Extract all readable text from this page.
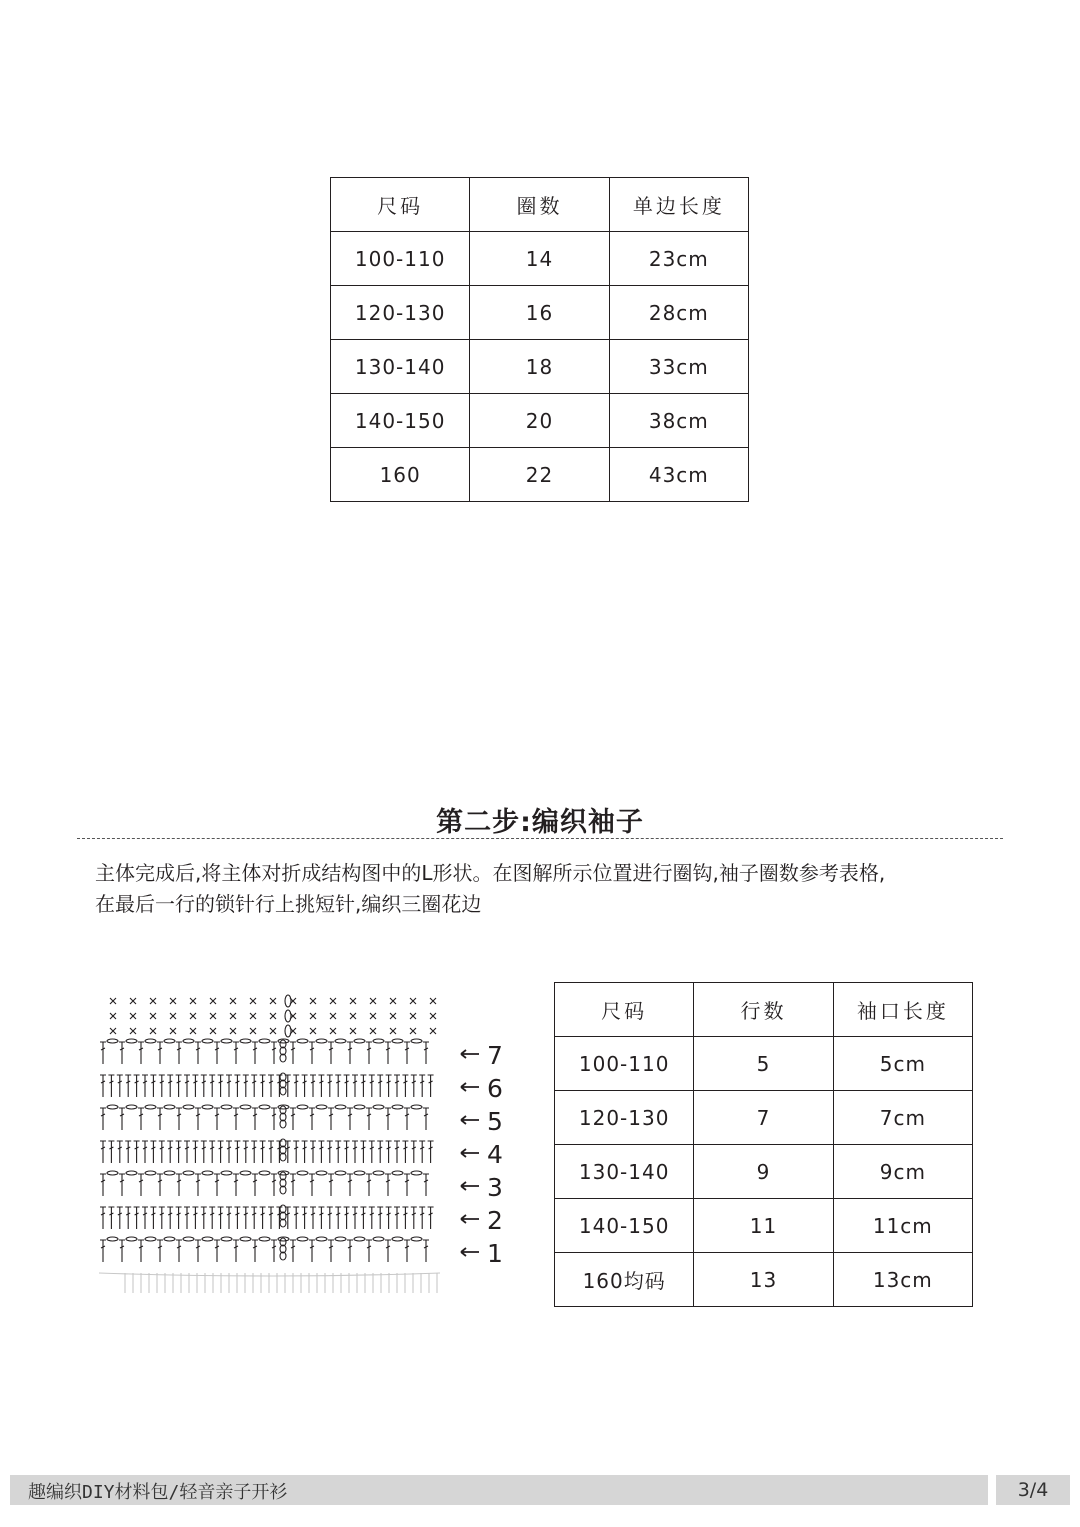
尺码	圈数	单边长度
100-110	14	23cm
120-130	16	28cm
130-140	18	33cm
140-150	20	38cm
160	22	43cm
第二步:编织袖子
主体完成后,将主体对折成结构图中的L形状。在图解所示位置进行圈钩,袖子圈数参考表格,
在最后一行的锁针行上挑短针,编织三圈花边
7
6
5
4
3
2
1
尺码	行数	袖口长度
100-110	5	5cm
120-130	7	7cm
130-140	9	9cm
140-150	11	11cm
160均码	13	13cm
趣编织DIY材料包/轻音亲子开衫	3/4
